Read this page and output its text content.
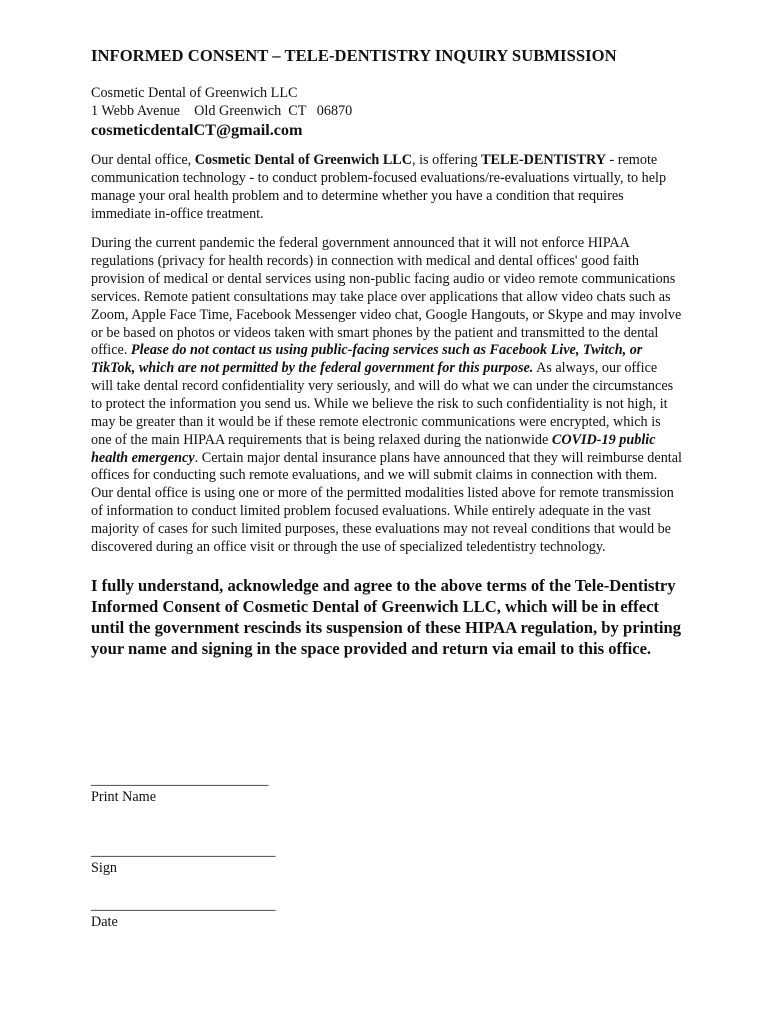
INFORMED CONSENT – TELE-DENTISTRY INQUIRY SUBMISSION
Cosmetic Dental of Greenwich LLC
1 Webb Avenue    Old Greenwich  CT   06870
cosmeticdentalCT@gmail.com

Our dental office, Cosmetic Dental of Greenwich LLC, is offering TELE-DENTISTRY - remote communication technology - to conduct problem-focused evaluations/re-evaluations virtually, to help manage your oral health problem and to determine whether you have a condition that requires immediate in-office treatment.

During the current pandemic the federal government announced that it will not enforce HIPAA regulations (privacy for health records) in connection with medical and dental offices' good faith provision of medical or dental services using non-public facing audio or video remote communications services. Remote patient consultations may take place over applications that allow video chats such as Zoom, Apple Face Time, Facebook Messenger video chat, Google Hangouts, or Skype and may involve or be based on photos or videos taken with smart phones by the patient and transmitted to the dental office. Please do not contact us using public-facing services such as Facebook Live, Twitch, or TikTok, which are not permitted by the federal government for this purpose. As always, our office will take dental record confidentiality very seriously, and will do what we can under the circumstances to protect the information you send us. While we believe the risk to such confidentiality is not high, it may be greater than it would be if these remote electronic communications were encrypted, which is one of the main HIPAA requirements that is being relaxed during the nationwide COVID-19 public health emergency. Certain major dental insurance plans have announced that they will reimburse dental offices for conducting such remote evaluations, and we will submit claims in connection with them. Our dental office is using one or more of the permitted modalities listed above for remote transmission of information to conduct limited problem focused evaluations. While entirely adequate in the vast majority of cases for such limited purposes, these evaluations may not reveal conditions that would be discovered during an office visit or through the use of specialized teledentistry technology.

I fully understand, acknowledge and agree to the above terms of the Tele-Dentistry Informed Consent of Cosmetic Dental of Greenwich LLC, which will be in effect until the government rescinds its suspension of these HIPAA regulation, by printing your name and signing in the space provided and return via email to this office.

_________________________
Print Name
__________________________
Sign
__________________________
Date
